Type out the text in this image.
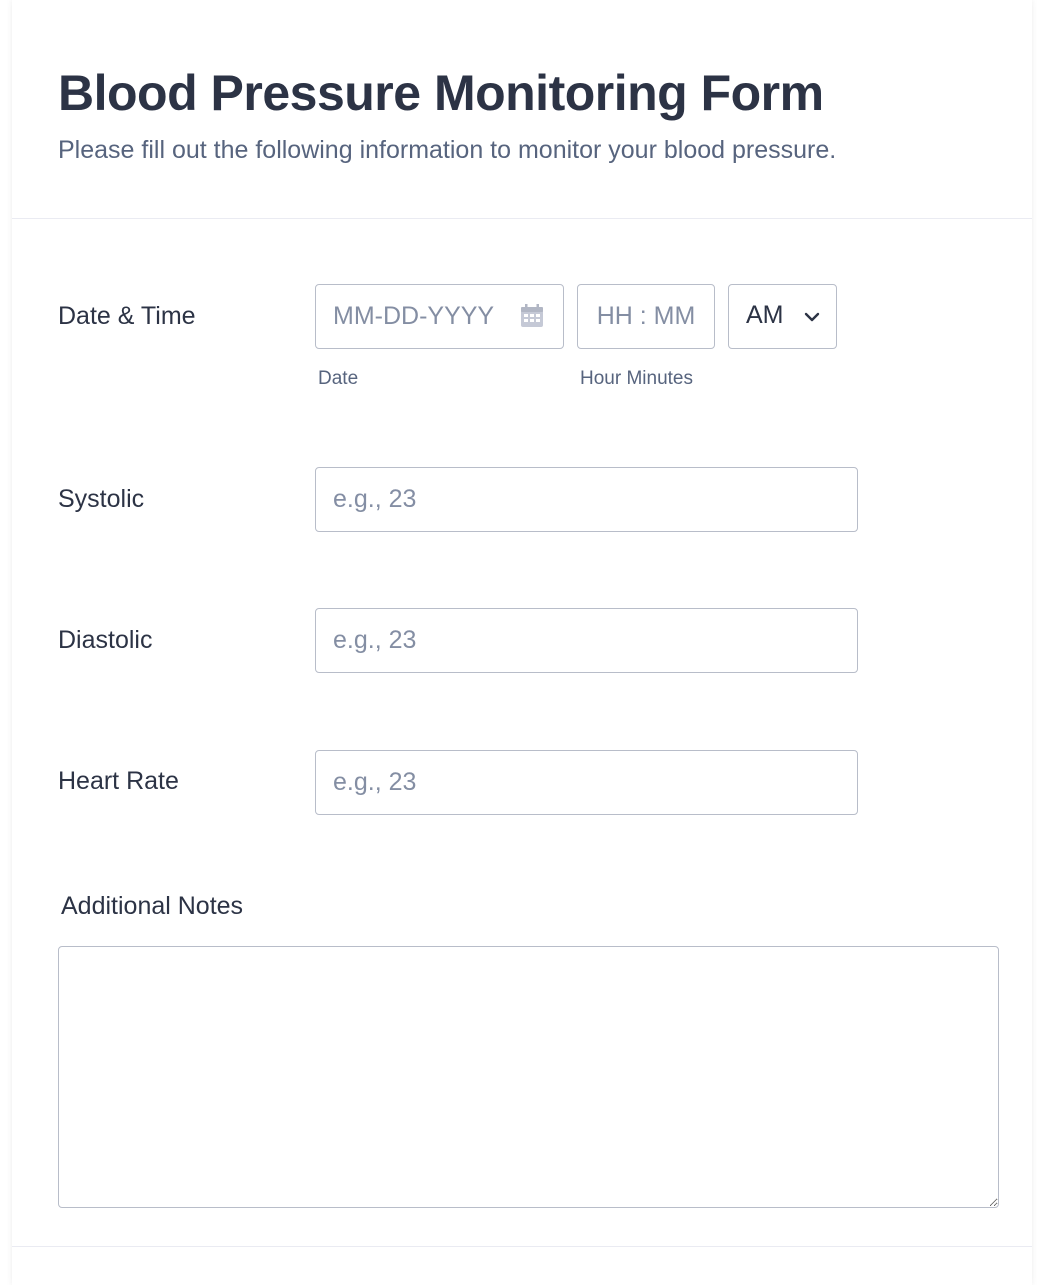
Blood Pressure Monitoring Form

Please fill out the following information to monitor your blood pressure.

Date & Time
MM-DD-YYYY
HH : MM	AM
Date	Hour Minutes
Systolic
e.g., 23
Diastolic
e.g., 23
Heart Rate
e.g., 23
Additional Notes
